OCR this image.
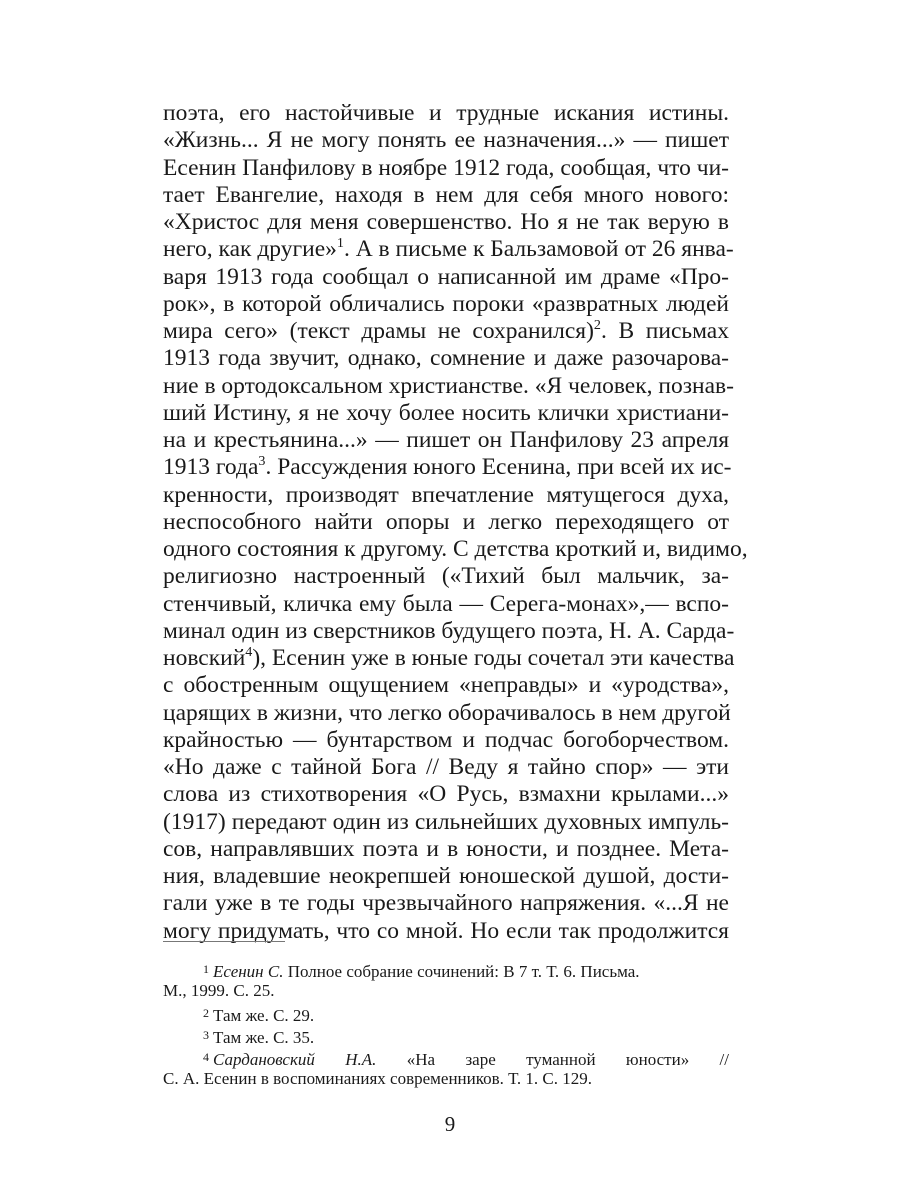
поэта, его настойчивые и трудные искания истины.
«Жизнь... Я не могу понять ее назначения...» — пишет
Есенин Панфилову в ноябре 1912 года, сообщая, что чи-
тает Евангелие, находя в нем для себя много нового:
«Христос для меня совершенство. Но я не так верую в
него, как другие»$^1$. А в письме к Бальзамовой от 26 янва-
варя 1913 года сообщал о написанной им драме «Про-
рок», в которой обличались пороки «развратных людей
мира сего» (текст драмы не сохранился)$^2$. В письмах
1913 года звучит, однако, сомнение и даже разочарова-
ние в ортодоксальном христианстве. «Я человек, познав-
ший Истину, я не хочу более носить клички христиани-
на и крестьянина...» — пишет он Панфилову 23 апреля
1913 года$^3$. Рассуждения юного Есенина, при всей их ис-
кренности, производят впечатление мятущегося духа,
неспособного найти опоры и легко переходящего от
одного состояния к другому. С детства кроткий и, видимо,
религиозно настроенный («Тихий был мальчик, за-
стенчивый, кличка ему была — Серега-монах»,— вспо-
минал один из сверстников будущего поэта, Н. А. Сарда-
новский$^4$), Есенин уже в юные годы сочетал эти качества
с обостренным ощущением «неправды» и «уродства»,
царящих в жизни, что легко оборачивалось в нем другой
крайностью — бунтарством и подчас богоборчеством.
«Но даже с тайной Бога // Веду я тайно спор» — эти
слова из стихотворения «О Русь, взмахни крылами...»
(1917) передают один из сильнейших духовных импуль-
сов, направлявших поэта и в юности, и позднее. Мета-
ния, владевшие неокрепшей юношеской душой, дости-
гали уже в те годы чрезвычайного напряжения. «...Я не
могу придумать, что со мной. Но если так продолжится
$^1$ Есенин С. Полное собрание сочинений: В 7 т. Т. 6. Письма.
М., 1999. С. 25.
$^2$ Там же. С. 29.
$^3$ Там же. С. 35.
$^4$ Сардановский Н.А. «На заре туманной юности» //
С. А. Есенин в воспоминаниях современников. Т. 1. С. 129.
9
